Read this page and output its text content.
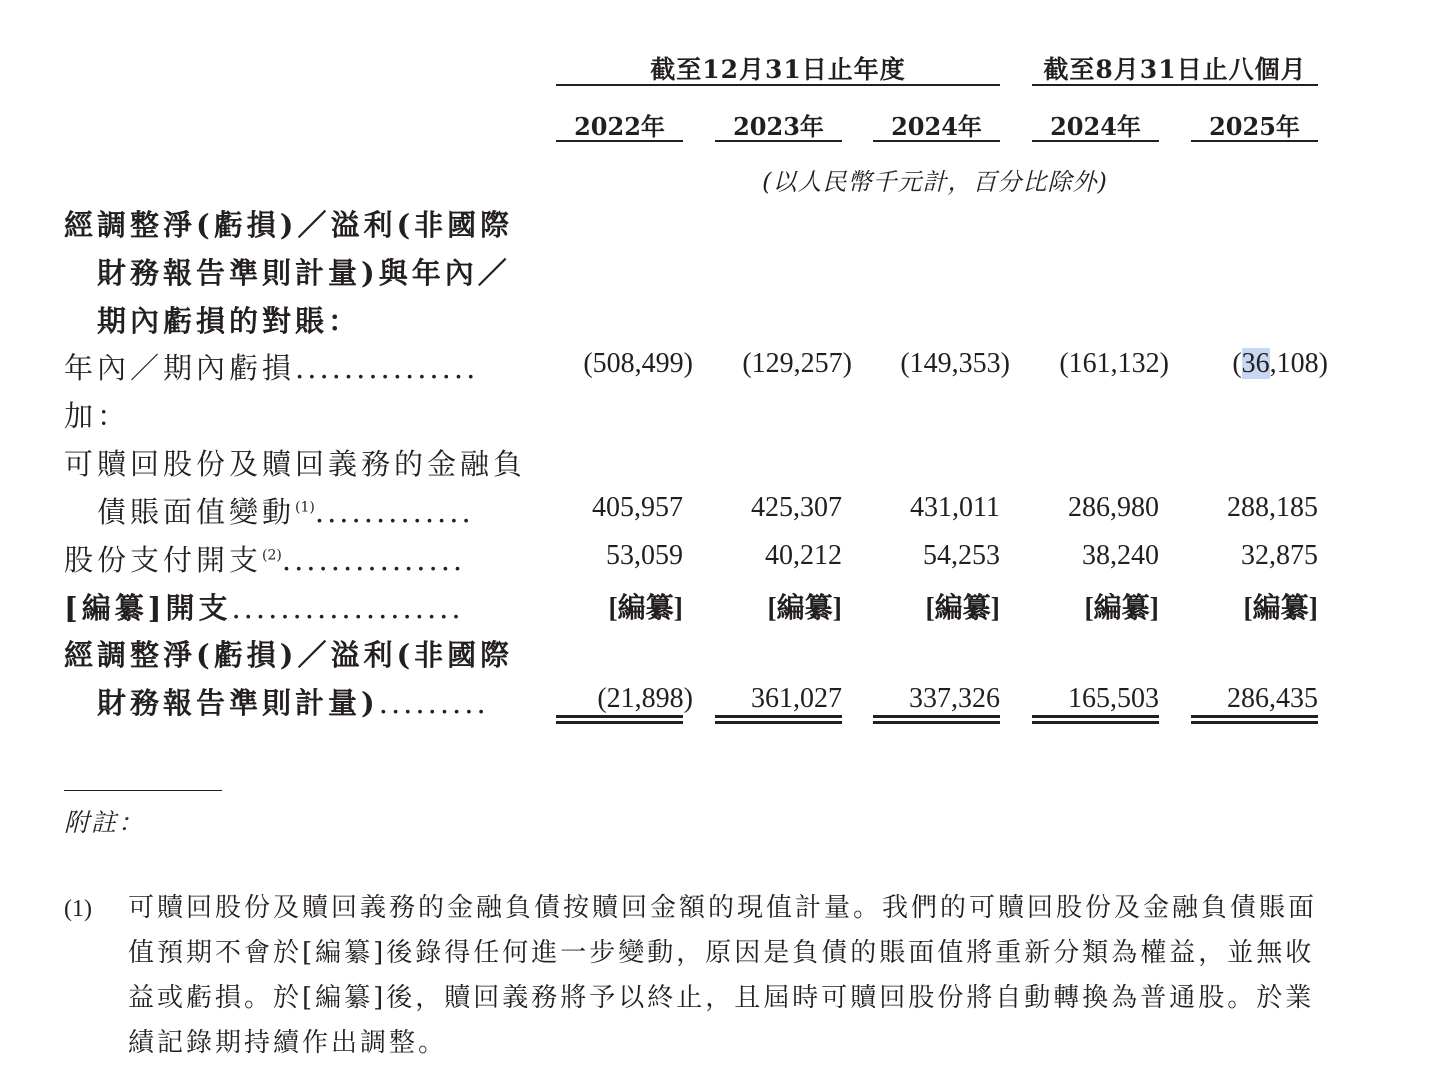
截至12月31日止年度	截至8月31日止八個月
2022年	2023年	2024年	2024年	2025年
(以人民幣千元計，百分比除外)
經調整淨(虧損)／溢利(非國際
財務報告準則計量)與年內／
期內虧損的對賬：
年內／期內虧損...............	(508,499)	(129,257)	(149,353)	(161,132)	(36,108)
加：
可贖回股份及贖回義務的金融負
債賬面值變動$^{(1)}$.............	405,957	425,307	431,011	286,980	288,185
股份支付開支$^{(2)}$...............	53,059	40,212	54,253	38,240	32,875
[編纂]開支...................	[編纂]	[編纂]	[編纂]	[編纂]	[編纂]
經調整淨(虧損)／溢利(非國際
財務報告準則計量).........	(21,898)	361,027	337,326	165,503	286,435
附註：
(1) 可贖回股份及贖回義務的金融負債按贖回金額的現值計量。我們的可贖回股份及金融負債賬面值預期不會於[編纂]後錄得任何進一步變動，原因是負債的賬面值將重新分類為權益，並無收益或虧損。於[編纂]後，贖回義務將予以終止，且屆時可贖回股份將自動轉換為普通股。於業績記錄期持續作出調整。
